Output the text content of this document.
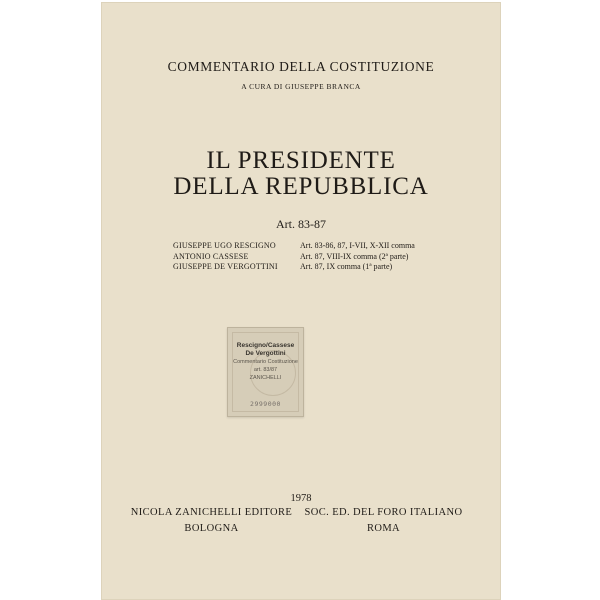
COMMENTARIO DELLA COSTITUZIONE
A CURA DI GIUSEPPE BRANCA
IL PRESIDENTE
DELLA REPUBBLICA
Art. 83-87
GIUSEPPE UGO RESCIGNO	Art. 83-86, 87, I-VII, X-XII comma
ANTONIO CASSESE	Art. 87, VIII-IX comma (2ª parte)
GIUSEPPE DE VERGOTTINI	Art. 87, IX comma (1ª parte)
Rescigno/Cassese
De Vergottini
Commentario Costituzione
art. 83/87
ZANICHELLI
2999000
1978
NICOLA ZANICHELLI EDITORE
BOLOGNA
SOC. ED. DEL FORO ITALIANO
ROMA
